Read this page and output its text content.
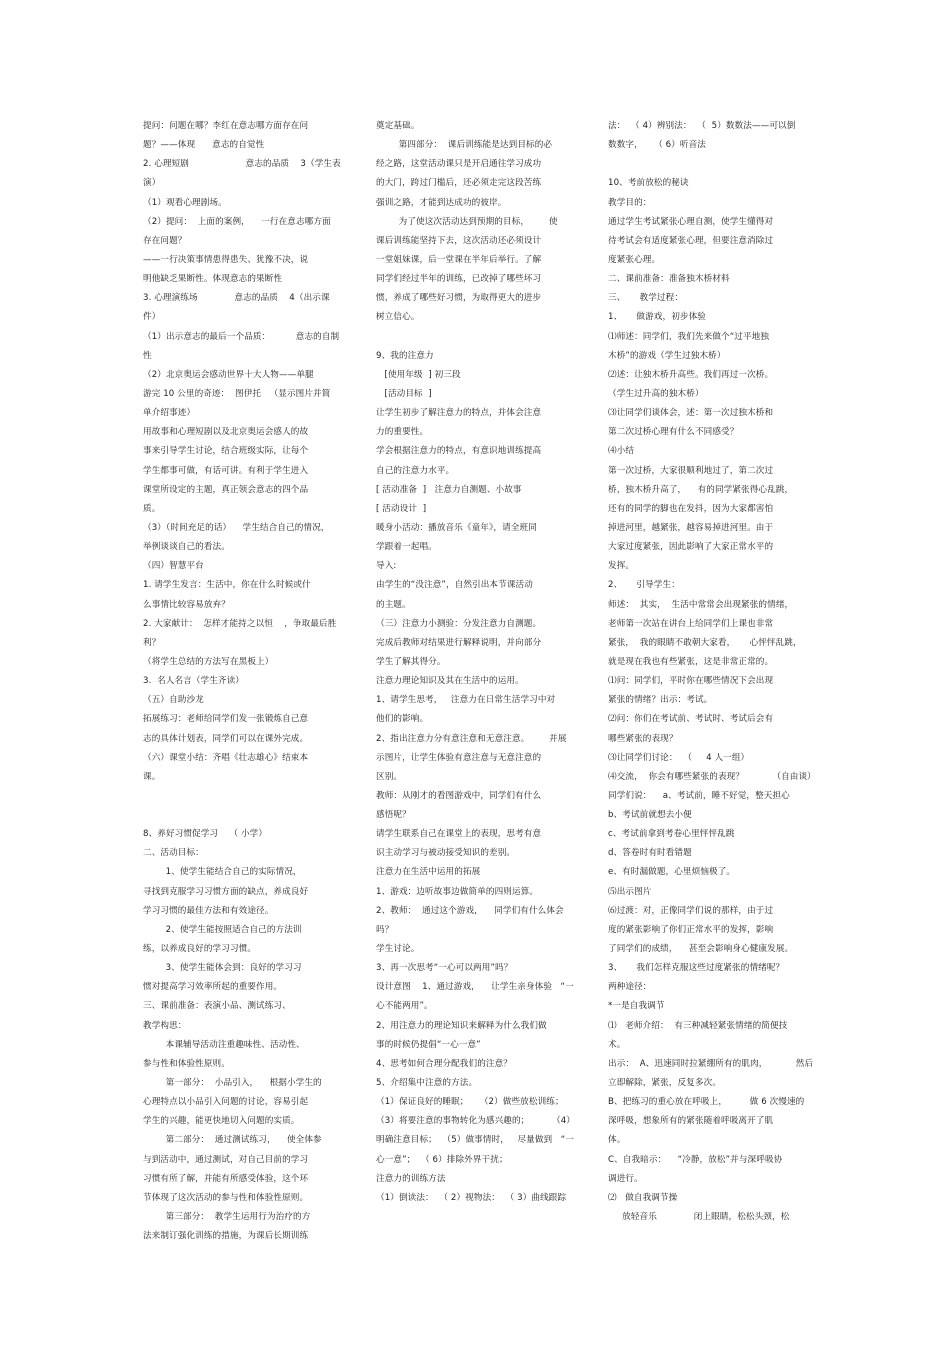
提问：问题在哪？李红在意志哪方面存在问
题？——体现      意志的自觉性
2. 心理短剧                    意志的品质    3（学生表
演）
（1）观看心理剧场。
（2）提问：  上面的案例，    一行在意志哪方面
存在问题？
——一行决策事情患得患失、犹豫不决，说
明他缺乏果断性。体现意志的果断性
3. 心理演练场             意志的品质    4（出示课
件）
（1）出示意志的最后一个品质：         意志的自制
性
（2）北京奥运会感动世界十大人物——单腿
游完 10 公里的奇迹：  图伊托   （显示图片并简
单介绍事迹）
用故事和心理短剧以及北京奥运会感人的故
事来引导学生讨论，结合班级实际，让每个
学生都事可做，有话可讲。有利于学生进入
课堂所设定的主题，真正领会意志的四个品
质。
（3）（时间充足的话）    学生结合自己的情况，
举例谈谈自己的看法。
（四）智慧平台
1. 请学生发言：生活中，你在什么时候或什
么事情比较容易放弃？
2. 大家献计：  怎样才能持之以恒    ，争取最后胜
利？
（将学生总结的方法写在黑板上）
3.  名人名言（学生齐读）
（五）自助沙龙
拓展练习：老师给同学们发一张锻炼自己意
志的具体计划表，同学们可以在课外完成。
（六）课堂小结：齐唱《壮志雄心》结束本
课。
8、养好习惯促学习    （ 小学）
二、活动目标：
1、使学生能结合自己的实际情况，
寻找到克服学习习惯方面的缺点，养成良好
学习习惯的最佳方法和有效途径。
2、使学生能按照适合自己的方法训
练，以养成良好的学习习惯。
3、使学生能体会到：良好的学习习
惯对提高学习效率所起的重要作用。
三、课前准备：表演小品、测试练习、
教学构思：
本课辅导活动注重趣味性、活动性、
参与性和体验性原则。
第一部分：  小品引入，    根据小学生的
心理特点以小品引入问题的讨论，容易引起
学生的兴趣，能更快地切入问题的实质。
第二部分：  通过测试练习，    使全体参
与到活动中，通过测试，对自己目前的学习
习惯有所了解，并能有所感受体验，这个环
节体现了这次活动的参与性和体验性原则。
第三部分：  教学生运用行为治疗的方
法来制订强化训练的措施，为课后长期训练
奠定基础。
第四部分：  课后训练能是达到目标的必
经之路，这堂活动课只是开启通往学习成功
的大门，跨过门槛后，还必须走完这段苦练
强训之路，才能到达成功的彼岸。
为了使这次活动达到预期的目标，       使
课后训练能坚持下去，这次活动还必须设计
一堂姐妹课，后一堂课在半年后举行。了解
同学们经过半年的训练，已改掉了哪些坏习
惯，养成了哪些好习惯，为取得更大的进步
树立信心。
9、我的注意力
[使用年级  ] 初三段
[活动目标  ]
让学生初步了解注意力的特点，并体会注意
力的重要性。
学会根据注意力的特点，有意识地训练提高
自己的注意力水平。
[ 活动准备  ]   注意力自测题、小故事
[ 活动设计  ]
暖身小活动：播放音乐《童年》，请全班同
学跟着一起唱。
导入:
由学生的“没注意”，自然引出本节课活动
的主题。
（三）注意力小测验：分发注意力自测题。
完成后教师对结果进行解释说明，并向部分
学生了解其得分。
注意力理论知识及其在生活中的运用。
1、请学生思考，   注意力在日常生活学习中对
他们的影响。
2、指出注意力分有意注意和无意注意。       并展
示图片，让学生体验有意注意与无意注意的
区别。
教师：从刚才的看图游戏中，同学们有什么
感悟呢？
请学生联系自己在课堂上的表现，思考有意
识主动学习与被动接受知识的差别。
注意力在生活中运用的拓展
1、游戏：边听故事边做简单的四则运算。
2、教师：  通过这个游戏，    同学们有什么体会
吗？
学生讨论。
3、再一次思考“一心可以两用”吗？
设计意图    1、通过游戏，    让学生亲身体验   “一
心不能两用”。
2、用注意力的理论知识来解释为什么我们做
事的时候仍提倡“一心一意”
4、思考如何合理分配我们的注意？
5、介绍集中注意的方法。
（1）保证良好的睡眠；    （2）做些放松训练；
（3）将要注意的事物转化为感兴趣的；        （4）
明确注意目标；  （5）做事情时，   尽量做到   “一
心一意”；  （ 6）排除外界干扰；
注意力的训练方法
（1）倒读法：  （ 2）视物法：  （ 3）曲线跟踪
法：  （ 4）辨别法：  （  5）数数法——可以倒
数数字，    （ 6）听音法
10、考前放松的秘诀
教学目的：
通过学生考试紧张心理自测，使学生懂得对
待考试会有适度紧张心理，但要注意消除过
度紧张心理。
二、课前准备：准备独木桥材料
三、     教学过程：
1、     做游戏，初步体验
⑴师述：同学们，我们先来做个“过平地独
木桥”的游戏（学生过独木桥）
⑵述：让独木桥升高些。我们再过一次桥。
（学生过升高的独木桥）
⑶让同学们谈体会，述：第一次过独木桥和
第二次过桥心理有什么不同感受？
⑷小结
第一次过桥，大家很顺利地过了，第二次过
桥，独木桥升高了，    有的同学紧张得心乱跳，
还有的同学的脚也在发抖，因为大家都害怕
掉进河里，越紧张，越容易掉进河里。由于
大家过度紧张，因此影响了大家正常水平的
发挥。
2、     引导学生：
师述：  其实，  生活中常常会出现紧张的情绪，
老师第一次站在讲台上给同学们上课也非常
紧张，  我的眼睛不敢朝大家看，     心怦怦乱跳，
就是现在我也有些紧张，这是非常正常的。
⑴问：同学们，平时你在哪些情况下会出现
紧张的情绪？出示：考试。
⑵问：你们在考试前、考试时、考试后会有
哪些紧张的表现？
⑶让同学们讨论：  （     4 人一组）
⑷交流，  你会有哪些紧张的表现？          （自由谈）
同学们说：    a、考试前，睡不好觉，整天担心
b、考试前就想去小便
c、考试前拿到考卷心里怦怦乱跳
d、答卷时有时看错题
e、有时漏做题，心里烦恼极了。
⑸出示图片
⑹过渡：对，正像同学们说的那样，由于过
度的紧张影响了你们正常水平的发挥，影响
了同学们的成绩，    甚至会影响身心健康发展。
3、     我们怎样克服这些过度紧张的情绪呢？
两种途径：
*一是自我调节
⑴   老师介绍：  有三种减轻紧张情绪的简便技
术。
出示：  A、迅速同时拉紧绷所有的肌肉，          然后
立即解除，紧张，反复多次。
B、把练习的重心放在呼吸上，        做 6 次慢速的
深呼吸，想象所有的紧张随着呼吸离开了肌
体。
C、自我暗示：    “冷静，放松”并与深呼吸协
调进行。
⑵   做自我调节操
放轻音乐             闭上眼睛，松松头颈，松
